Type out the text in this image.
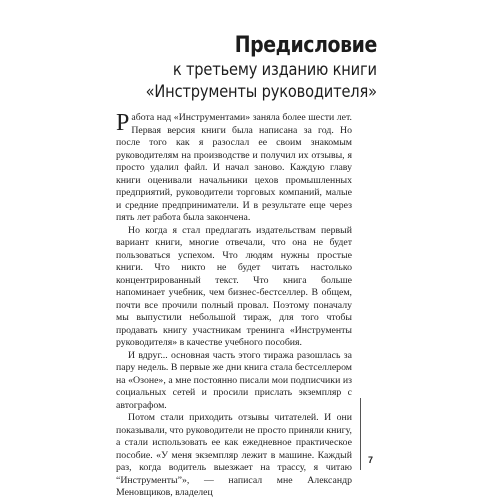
Предисловие
к третьему изданию книги
«Инструменты руководителя»

Работа над «Инструментами» заняла более шести лет. Первая версия книги была написана за год. Но после того как я разослал ее своим знакомым руководителям на производстве и получил их отзывы, я просто удалил файл. И начал заново. Каждую главу книги оценивали начальники цехов промышленных предприятий, руководители торговых компаний, малые и средние предприниматели. И в результате еще через пять лет работа была закончена.

Но когда я стал предлагать издательствам первый вариант книги, многие отвечали, что она не будет пользоваться успехом. Что людям нужны простые книги. Что никто не будет читать настолько концентрированный текст. Что книга больше напоминает учебник, чем бизнес-бестселлер. В общем, почти все прочили полный провал. Поэтому поначалу мы выпустили небольшой тираж, для того чтобы продавать книгу участникам тренинга «Инструменты руководителя» в качестве учебного пособия.

И вдруг... основная часть этого тиража разошлась за пару недель. В первые же дни книга стала бестселлером на «Озоне», а мне постоянно писали мои подписчики из социальных сетей и просили прислать экземпляр с автографом.

Потом стали приходить отзывы читателей. И они показывали, что руководители не просто приняли книгу, а стали использовать ее как ежедневное практическое пособие. «У меня экземпляр лежит в машине. Каждый раз, когда водитель выезжает на трассу, я читаю “Инструменты”», — написал мне Александр Меновщиков, владелец

7
